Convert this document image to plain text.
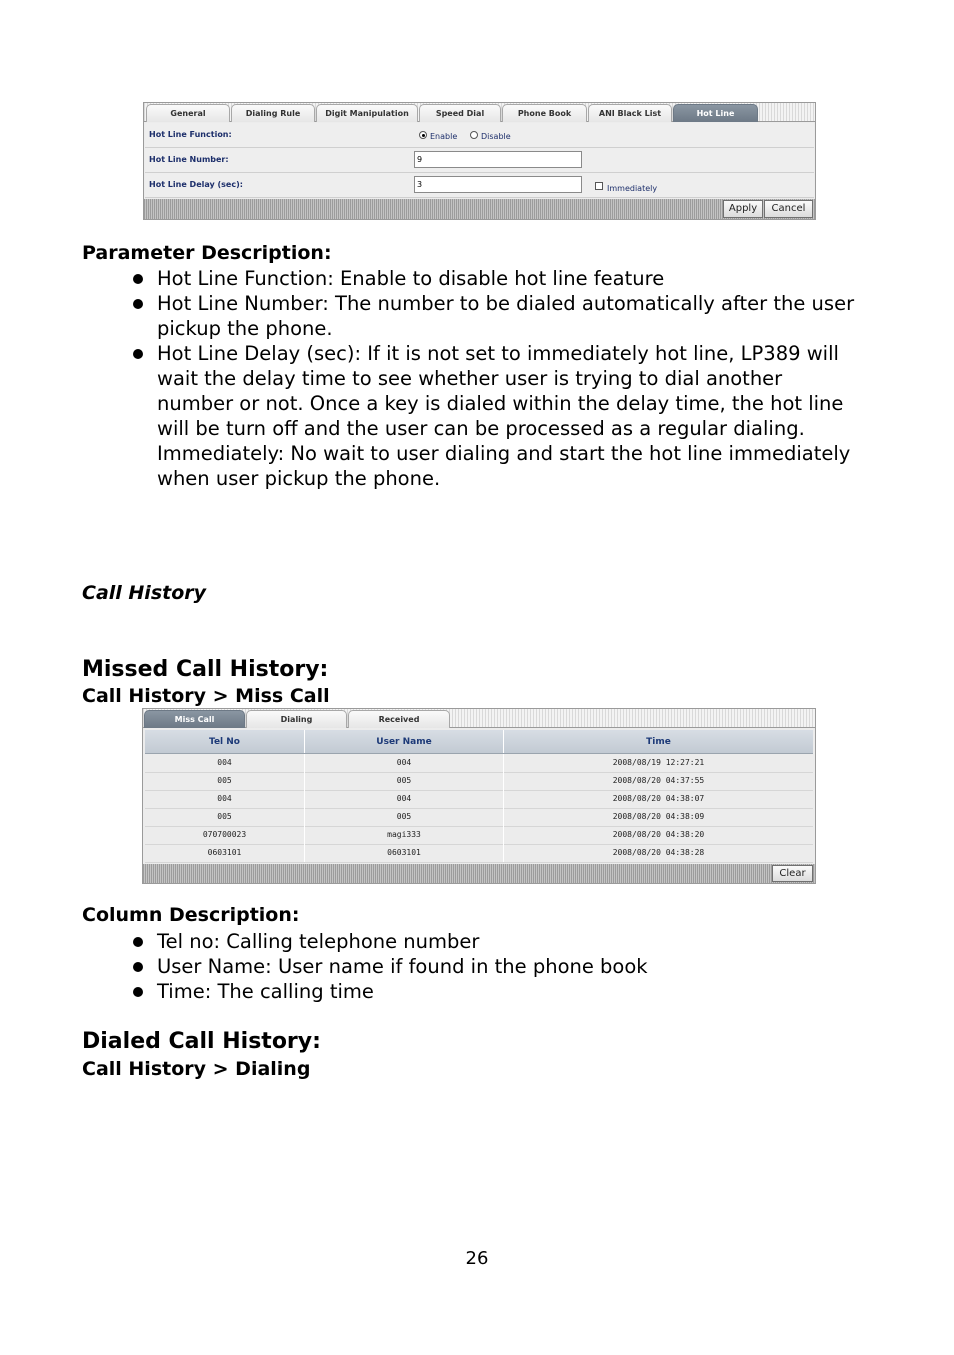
General	Dialing Rule	Digit Manipulation	Speed Dial	Phone Book	ANI Black List	Hot Line
Hot Line Function:	Enable	Disable
Hot Line Number:	9
Hot Line Delay (sec):	3	Immediately
Apply	Cancel
Parameter Description:
Hot Line Function: Enable to disable hot line feature
Hot Line Number: The number to be dialed automatically after the user
pickup the phone.
Hot Line Delay (sec): If it is not set to immediately hot line, LP389 will
wait the delay time to see whether user is trying to dial another
number or not. Once a key is dialed within the delay time, the hot line
will be turn off and the user can be processed as a regular dialing.
Immediately: No wait to user dialing and start the hot line immediately
when user pickup the phone.
Call History
Missed Call History:
Call History > Miss Call
Miss Call	Dialing	Received
Tel No	User Name	Time
004	004	2008/08/19 12:27:21
005	005	2008/08/20 04:37:55
004	004	2008/08/20 04:38:07
005	005	2008/08/20 04:38:09
070700023	magi333	2008/08/20 04:38:20
0603101	0603101	2008/08/20 04:38:28
Clear
Column Description:
Tel no: Calling telephone number
User Name: User name if found in the phone book
Time: The calling time
Dialed Call History:
Call History > Dialing
26
